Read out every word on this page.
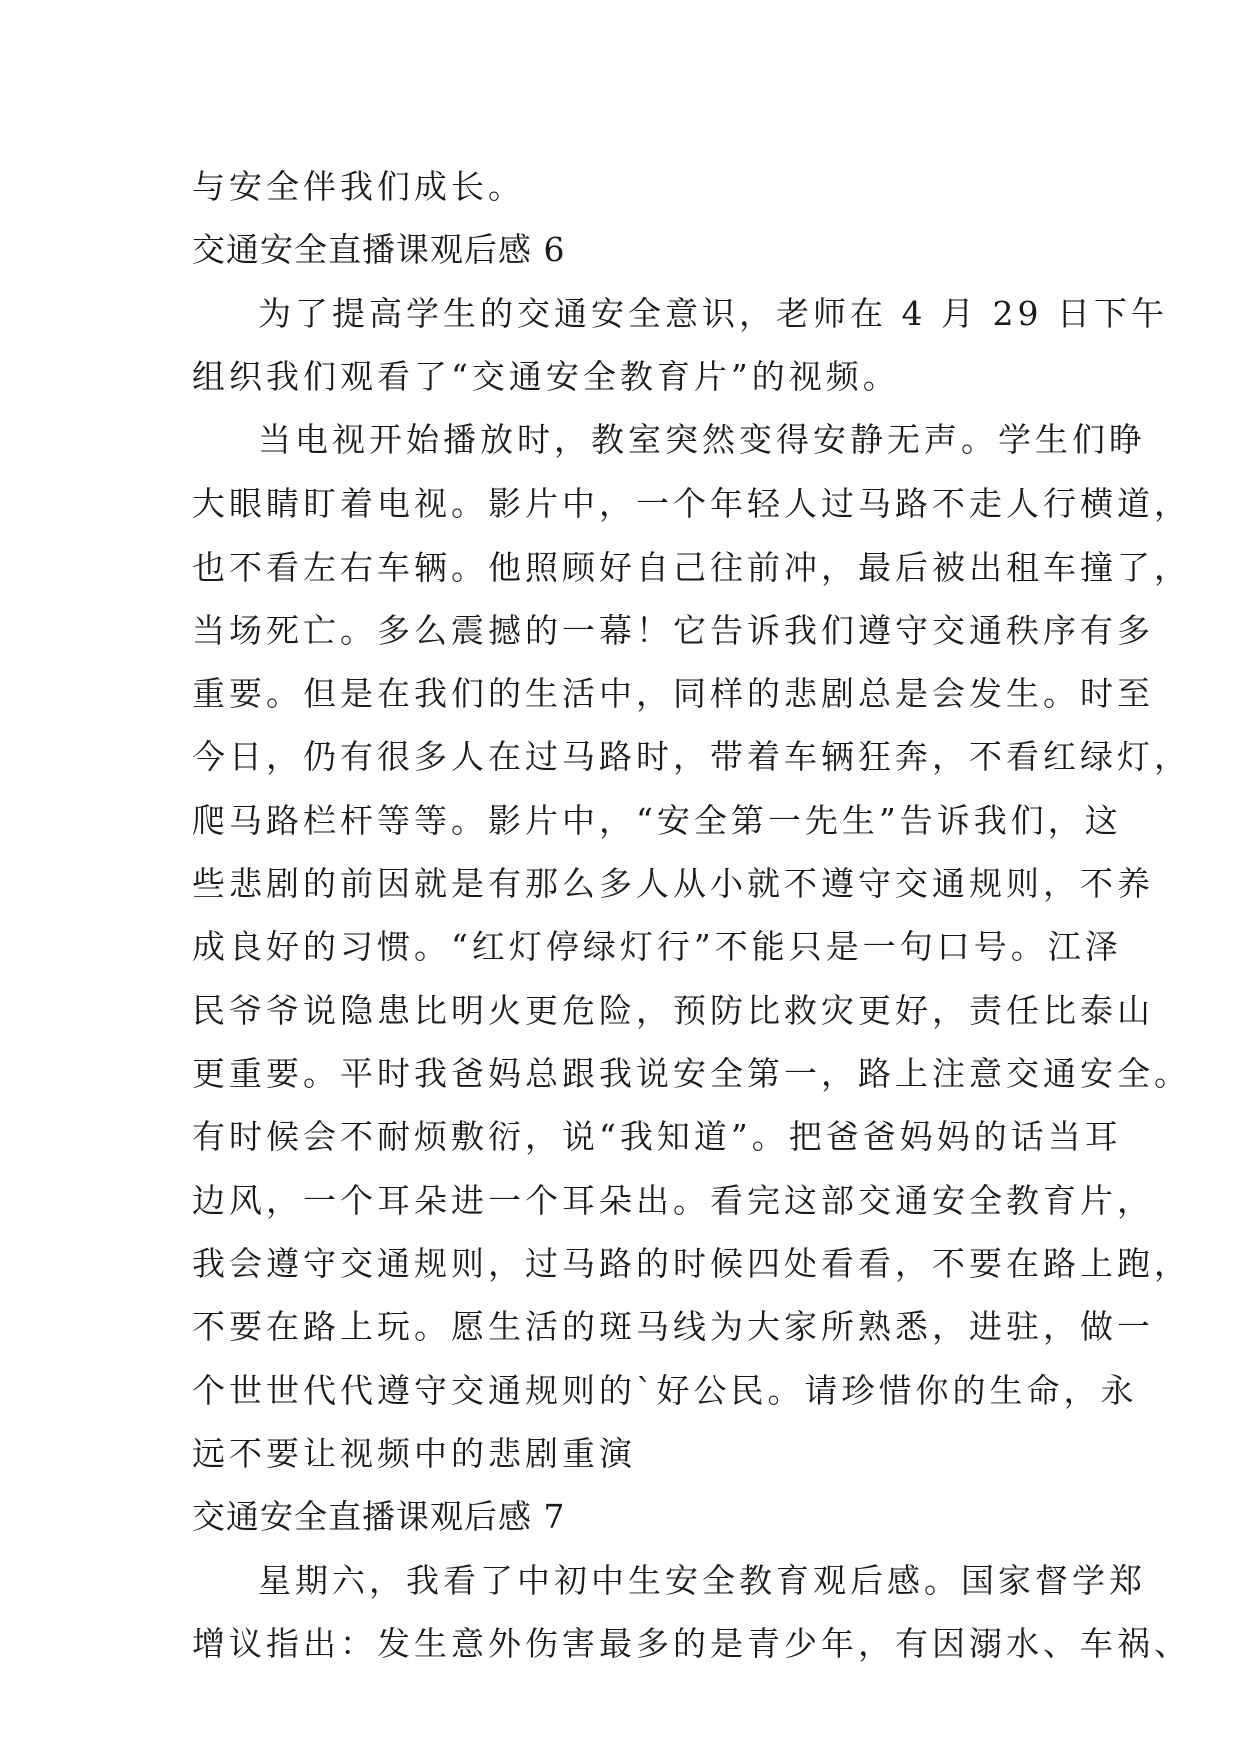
与安全伴我们成长。
交通安全直播课观后感 6
为了提高学生的交通安全意识，老师在 4 月 29 日下午
组织我们观看了“交通安全教育片”的视频。
当电视开始播放时，教室突然变得安静无声。学生们睁
大眼睛盯着电视。影片中，一个年轻人过马路不走人行横道，
也不看左右车辆。他照顾好自己往前冲，最后被出租车撞了，
当场死亡。多么震撼的一幕！它告诉我们遵守交通秩序有多
重要。但是在我们的生活中，同样的悲剧总是会发生。时至
今日，仍有很多人在过马路时，带着车辆狂奔，不看红绿灯，
爬马路栏杆等等。影片中，“安全第一先生”告诉我们，这
些悲剧的前因就是有那么多人从小就不遵守交通规则，不养
成良好的习惯。“红灯停绿灯行”不能只是一句口号。江泽
民爷爷说隐患比明火更危险，预防比救灾更好，责任比泰山
更重要。平时我爸妈总跟我说安全第一，路上注意交通安全。
有时候会不耐烦敷衍，说“我知道”。把爸爸妈妈的话当耳
边风，一个耳朵进一个耳朵出。看完这部交通安全教育片，
我会遵守交通规则，过马路的时候四处看看，不要在路上跑，
不要在路上玩。愿生活的斑马线为大家所熟悉，进驻，做一
个世世代代遵守交通规则的`好公民。请珍惜你的生命，永
远不要让视频中的悲剧重演
交通安全直播课观后感 7
星期六，我看了中初中生安全教育观后感。国家督学郑
增议指出：发生意外伤害最多的是青少年，有因溺水、车祸、
